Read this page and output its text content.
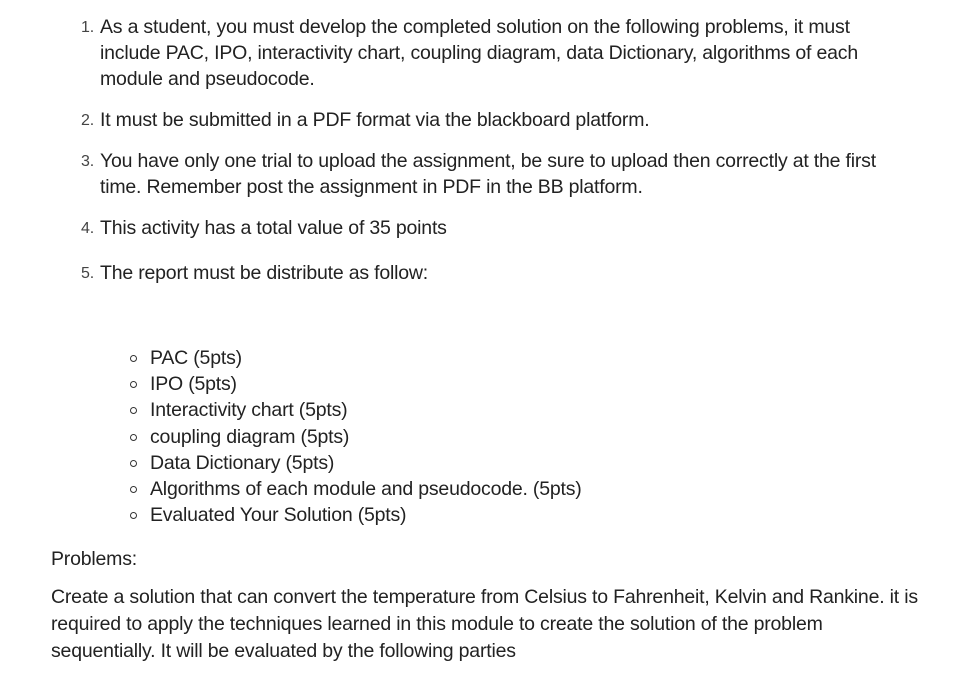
1. As a student, you must develop the completed solution on the following problems, it must include PAC, IPO, interactivity chart, coupling diagram, data Dictionary, algorithms of each module and pseudocode.
2. It must be submitted in a PDF format via the blackboard platform.
3. You have only one trial to upload the assignment, be sure to upload then correctly at the first time. Remember post the assignment in PDF in the BB platform.
4. This activity has a total value of 35 points
5. The report must be distribute as follow:
PAC (5pts)
IPO (5pts)
Interactivity chart (5pts)
coupling diagram (5pts)
Data Dictionary (5pts)
Algorithms of each module and pseudocode. (5pts)
Evaluated Your Solution (5pts)

Problems:

Create a solution that can convert the temperature from Celsius to Fahrenheit, Kelvin and Rankine. it is required to apply the techniques learned in this module to create the solution of the problem sequentially. It will be evaluated by the following parties
